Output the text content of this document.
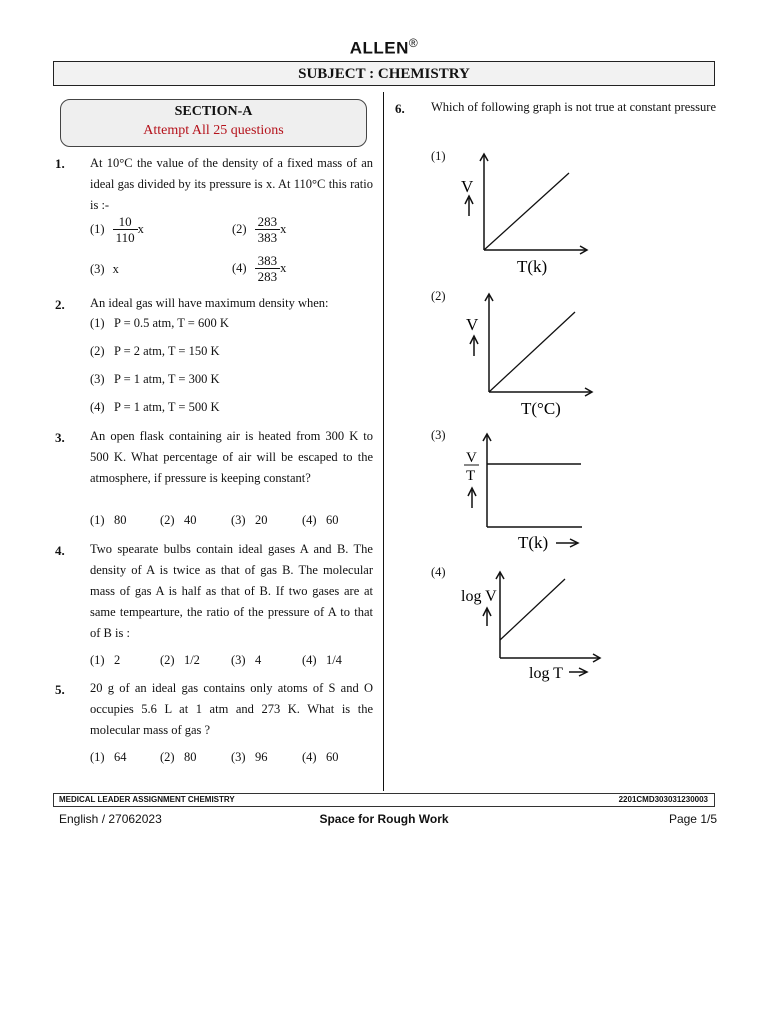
ALLEN®
SUBJECT : CHEMISTRY
SECTION-A
Attempt All 25 questions
1. At 10°C the value of the density of a fixed mass of an ideal gas divided by its pressure is x. At 110°C this ratio is :-
$(1) \frac{10}{110}$ x	$(2) \frac{283}{383}$ x
(3) x	$(4) \frac{383}{283}$ x
2. An ideal gas will have maximum density when:
(1)   P = 0.5 atm, T = 600 K
(2)   P = 2 atm, T = 150 K
(3)   P = 1 atm, T = 300 K
(4)   P = 1 atm, T = 500 K
3. An open flask containing air is heated from 300 K to 500 K. What percentage of air will be escaped to the atmosphere, if pressure is keeping constant?
(1)   80	(2)   40	(3)   20	(4)   60
4. Two spearate bulbs contain ideal gases A and B. The density of A is twice as that of gas B. The molecular mass of gas A is half as that of B. If two gases are at same tempearture, the ratio of the pressure of A to that of B is :
(1)   2	(2)   1/2 (3)   4	(4)   1/4
5. 20 g of an ideal gas contains only atoms of S and O occupies 5.6 L at 1 atm and 273 K. What is the molecular mass of gas ?
(1)   64	(2)   80	(3)   96	(4)   60
6. Which of following graph is not true at constant pressure
(1)
V
T(k)
(2)
V
T(°C)
(3)
V
T
T(k)
(4)
log V
log T
MEDICAL LEADER ASSIGNMENT CHEMISTRY	2201CMD303031230003
English / 27062023	Space for Rough Work	Page 1/5
